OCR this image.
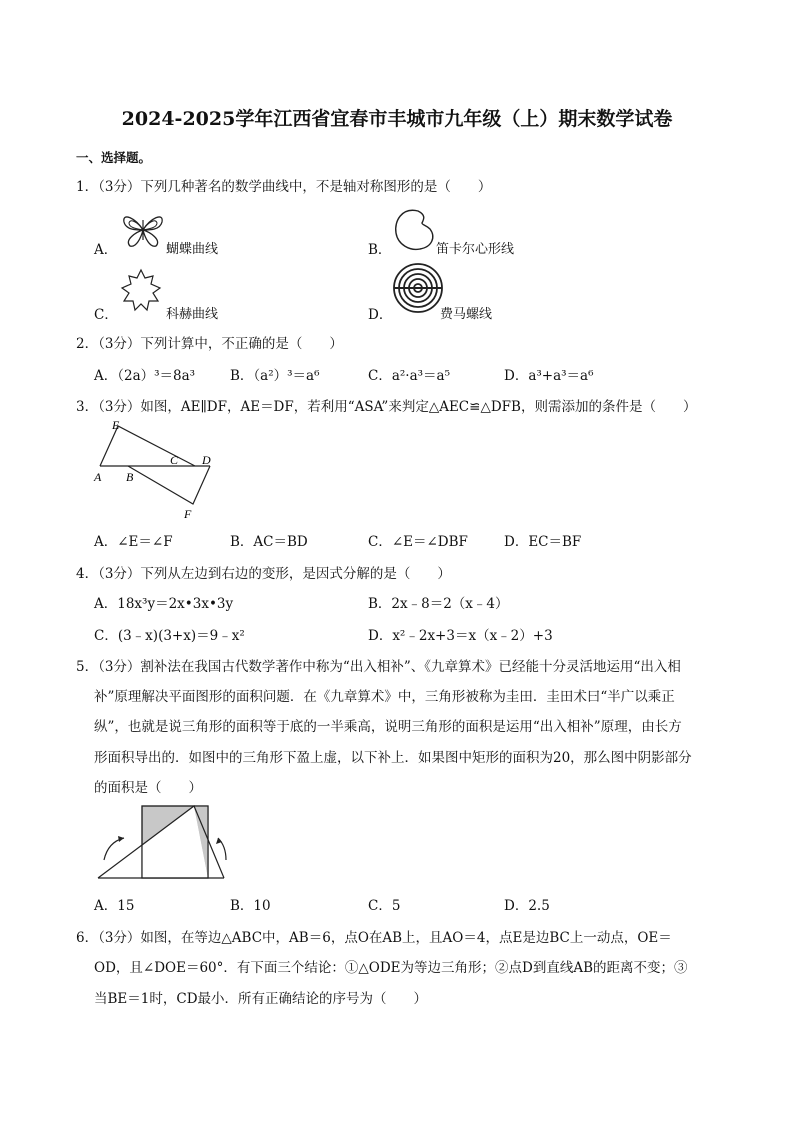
2024-2025学年江西省宜春市丰城市九年级（上）期末数学试卷
一、选择题。
1．（3分）下列几种著名的数学曲线中，不是轴对称图形的是（　　）
A．	蝴蝶曲线	B．	笛卡尔心形线
C．	科赫曲线	D．	费马螺线
2．（3分）下列计算中，不正确的是（　　）
A．（2a）³＝8a³	B．（a²）³＝a⁶	C．a²·a³＝a⁵	D．a³+a³＝a⁶
3．（3分）如图，AE∥DF，AE＝DF，若利用“ASA”来判定△AEC≌△DFB，则需添加的条件是（　　）
E
A B
C D
F
A．∠E＝∠F	B．AC＝BD	C．∠E＝∠DBF	D．EC＝BF
4．（3分）下列从左边到右边的变形，是因式分解的是（　　）
A．18x³y＝2x•3x•3y	B．2x﹣8＝2（x﹣4）
C．(3﹣x)(3+x)＝9﹣x²	D．x²﹣2x+3＝x（x﹣2）+3
5．（3分）割补法在我国古代数学著作中称为“出入相补”、《九章算术》已经能十分灵活地运用“出入相
补”原理解决平面图形的面积问题．在《九章算术》中，三角形被称为圭田．圭田术曰“半广以乘正
纵”，也就是说三角形的面积等于底的一半乘高，说明三角形的面积是运用“出入相补”原理，由长方
形面积导出的．如图中的三角形下盈上虚，以下补上．如果图中矩形的面积为20，那么图中阴影部分
的面积是（　　）
A．15	B．10	C．5	D．2.5
6．（3分）如图，在等边△ABC中，AB＝6，点O在AB上，且AO＝4，点E是边BC上一动点，OE＝
OD，且∠DOE＝60°．有下面三个结论：①△ODE为等边三角形；②点D到直线AB的距离不变；③
当BE＝1时，CD最小．所有正确结论的序号为（　　）
